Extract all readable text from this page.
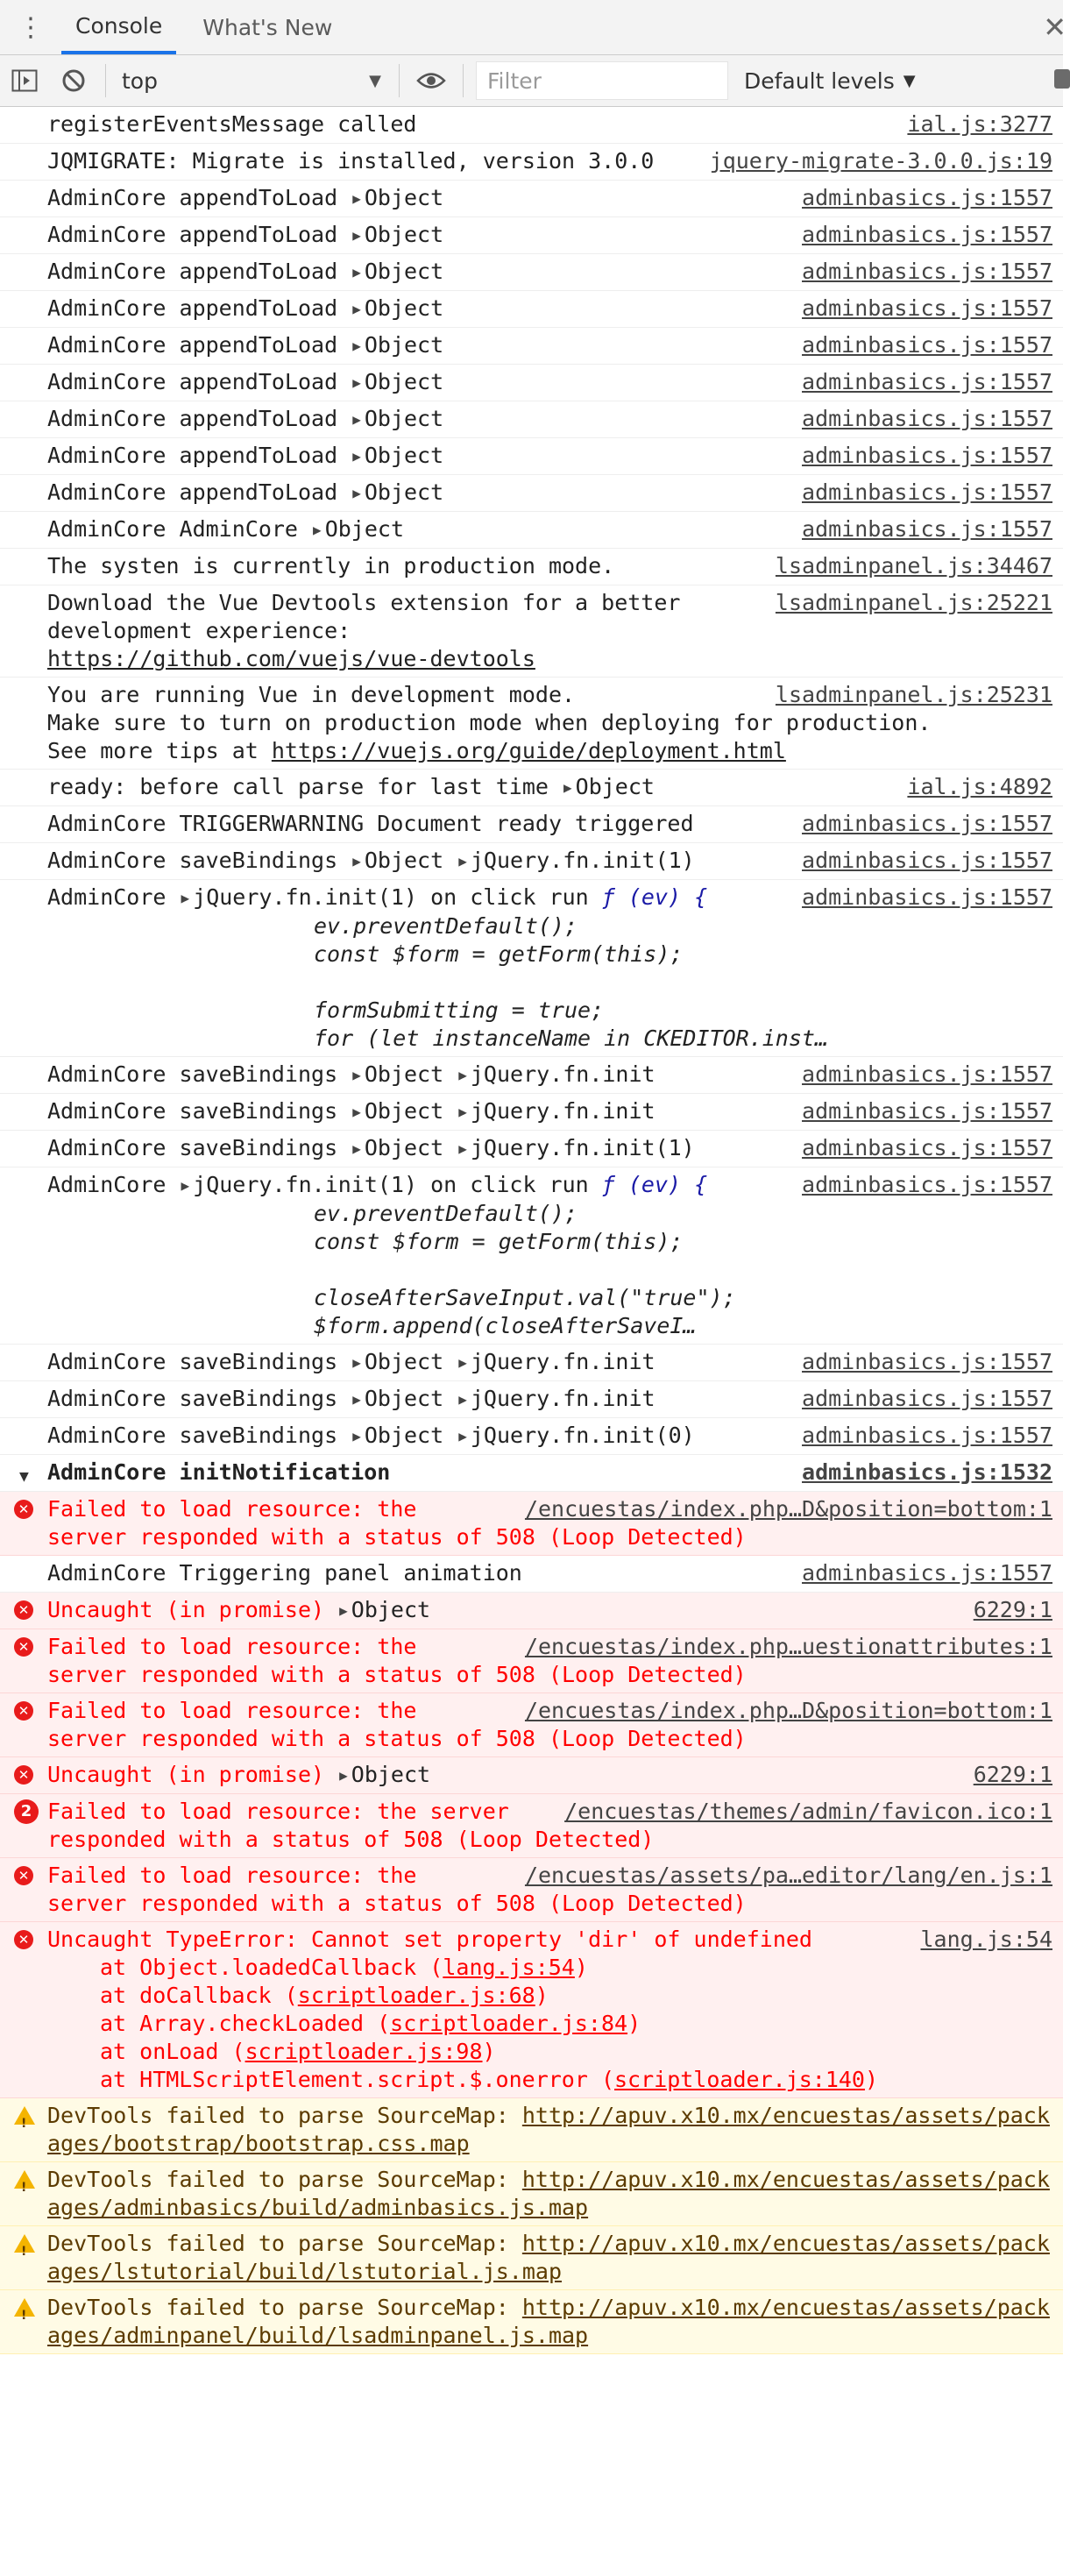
⋮	Console	What's New	✕
top	▼
Filter	Default levels ▼
ial.js:3277
registerEventsMessage called
jquery-migrate-3.0.0.js:19
JQMIGRATE: Migrate is installed, version 3.0.0
adminbasics.js:1557
AdminCore appendToLoad ▶ Object
adminbasics.js:1557
AdminCore appendToLoad ▶ Object
adminbasics.js:1557
AdminCore appendToLoad ▶ Object
adminbasics.js:1557
AdminCore appendToLoad ▶ Object
adminbasics.js:1557
AdminCore appendToLoad ▶ Object
adminbasics.js:1557
AdminCore appendToLoad ▶ Object
adminbasics.js:1557
AdminCore appendToLoad ▶ Object
adminbasics.js:1557
AdminCore appendToLoad ▶ Object
adminbasics.js:1557
AdminCore appendToLoad ▶ Object
adminbasics.js:1557
AdminCore AdminCore ▶ Object
lsadminpanel.js:34467
The systen is currently in production mode.
lsadminpanel.js:25221
Download the Vue Devtools extension for a better
development experience:
https://github.com/vuejs/vue-devtools
lsadminpanel.js:25231
You are running Vue in development mode.
Make sure to turn on production mode when deploying for production.
See more tips at https://vuejs.org/guide/deployment.html
ial.js:4892
ready: before call parse for last time ▶ Object
adminbasics.js:1557
AdminCore TRIGGERWARNING Document ready triggered
adminbasics.js:1557
AdminCore saveBindings ▶ Object ▶ jQuery.fn.init(1)
adminbasics.js:1557
AdminCore ▶ jQuery.fn.init(1) on click run ƒ (ev) {

ev.preventDefault();
const $form = getForm(this);

formSubmitting = true;
for (let instanceName in CKEDITOR.inst…
adminbasics.js:1557
AdminCore saveBindings ▶ Object ▶ jQuery.fn.init
adminbasics.js:1557
AdminCore saveBindings ▶ Object ▶ jQuery.fn.init
adminbasics.js:1557
AdminCore saveBindings ▶ Object ▶ jQuery.fn.init(1)
adminbasics.js:1557
AdminCore ▶ jQuery.fn.init(1) on click run ƒ (ev) {

ev.preventDefault();
const $form = getForm(this);

closeAfterSaveInput.val("true");
$form.append(closeAfterSaveI…
adminbasics.js:1557
AdminCore saveBindings ▶ Object ▶ jQuery.fn.init
adminbasics.js:1557
AdminCore saveBindings ▶ Object ▶ jQuery.fn.init
adminbasics.js:1557
AdminCore saveBindings ▶ Object ▶ jQuery.fn.init(0)
▼	adminbasics.js:1532
AdminCore initNotification
✕	/encuestas/index.php…D&position=bottom:1
Failed to load resource: the
server responded with a status of 508 (Loop Detected)
adminbasics.js:1557
AdminCore Triggering panel animation
✕	6229:1
Uncaught (in promise) ▶ Object
✕	/encuestas/index.php…uestionattributes:1
Failed to load resource: the
server responded with a status of 508 (Loop Detected)
✕	/encuestas/index.php…D&position=bottom:1
Failed to load resource: the
server responded with a status of 508 (Loop Detected)
✕	6229:1
Uncaught (in promise) ▶ Object
2	/encuestas/themes/admin/favicon.ico:1
Failed to load resource: the server
responded with a status of 508 (Loop Detected)
✕	/encuestas/assets/pa…editor/lang/en.js:1
Failed to load resource: the
server responded with a status of 508 (Loop Detected)
✕	lang.js:54
Uncaught TypeError: Cannot set property 'dir' of undefined
at Object.loadedCallback (lang.js:54)
at doCallback (scriptloader.js:68)
at Array.checkLoaded (scriptloader.js:84)
at onLoad (scriptloader.js:98)
at HTMLScriptElement.script.$.onerror (scriptloader.js:140)
! DevTools failed to parse SourceMap: http://apuv.x10.mx/encuestas/assets/packages/bootstrap/bootstrap.css.map
! DevTools failed to parse SourceMap: http://apuv.x10.mx/encuestas/assets/packages/adminbasics/build/adminbasics.js.map
! DevTools failed to parse SourceMap: http://apuv.x10.mx/encuestas/assets/packages/lstutorial/build/lstutorial.js.map
! DevTools failed to parse SourceMap: http://apuv.x10.mx/encuestas/assets/packages/adminpanel/build/lsadminpanel.js.map
